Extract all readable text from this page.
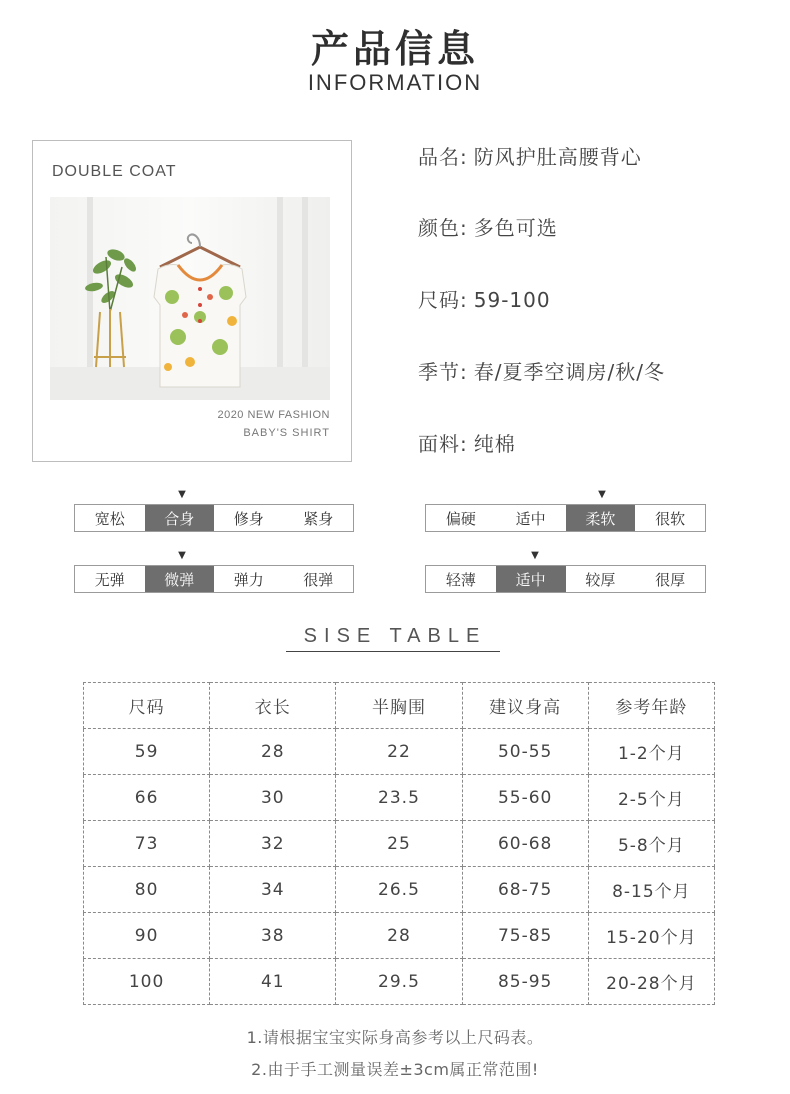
产品信息
INFORMATION
DOUBLE COAT
2020 NEW FASHION
BABY'S SHIRT
品名: 防风护肚高腰背心
颜色: 多色可选
尺码: 59-100
季节: 春/夏季空调房/秋/冬
面料: 纯棉
▼
宽松	合身	修身	紧身
▼
偏硬	适中	柔软	很软
▼
无弹	微弹	弹力	很弹
▼
轻薄	适中	较厚	很厚
SISE TABLE
尺码	衣长	半胸围	建议身高	参考年龄
59	28	22	50-55	1-2个月
66	30	23.5	55-60	2-5个月
73	32	25	60-68	5-8个月
80	34	26.5	68-75	8-15个月
90	38	28	75-85	15-20个月
100	41	29.5	85-95	20-28个月
1.请根据宝宝实际身高参考以上尺码表。
2.由于手工测量误差±3cm属正常范围!
